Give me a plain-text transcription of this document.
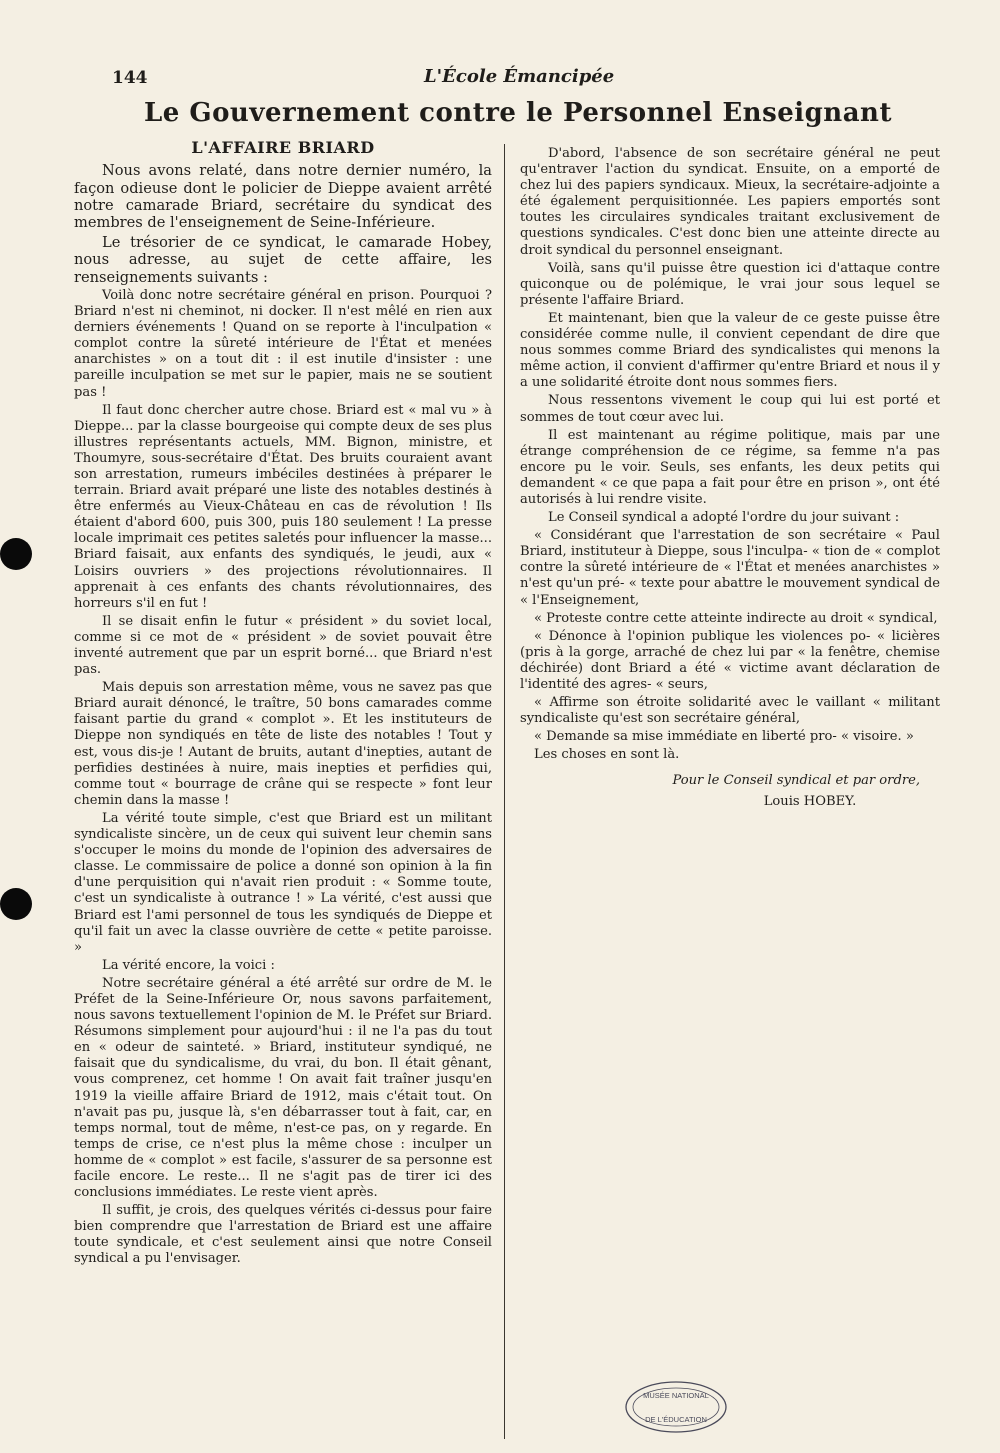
144	L'École Émancipée
Le Gouvernement contre le Personnel Enseignant
L'AFFAIRE BRIARD

Nous avons relaté, dans notre dernier numéro, la façon odieuse dont le policier de Dieppe avaient arrêté notre camarade Briard, secrétaire du syndicat des membres de l'enseignement de Seine-Inférieure.

Le trésorier de ce syndicat, le camarade Hobey, nous adresse, au sujet de cette affaire, les renseignements suivants :

Voilà donc notre secrétaire général en prison. Pourquoi ? Briard n'est ni cheminot, ni docker. Il n'est mêlé en rien aux derniers événements ! Quand on se reporte à l'inculpation « complot contre la sûreté intérieure de l'État et menées anarchistes » on a tout dit : il est inutile d'insister : une pareille inculpation se met sur le papier, mais ne se soutient pas !

Il faut donc chercher autre chose. Briard est « mal vu » à Dieppe... par la classe bourgeoise qui compte deux de ses plus illustres représentants actuels, MM. Bignon, ministre, et Thoumyre, sous-secrétaire d'État. Des bruits couraient avant son arrestation, rumeurs imbéciles destinées à préparer le terrain. Briard avait préparé une liste des notables destinés à être enfermés au Vieux-Château en cas de révolution ! Ils étaient d'abord 600, puis 300, puis 180 seulement ! La presse locale imprimait ces petites saletés pour influencer la masse... Briard faisait, aux enfants des syndiqués, le jeudi, aux « Loisirs ouvriers » des projections révolutionnaires. Il apprenait à ces enfants des chants révolutionnaires, des horreurs s'il en fut !

Il se disait enfin le futur « président » du soviet local, comme si ce mot de « président » de soviet pouvait être inventé autrement que par un esprit borné... que Briard n'est pas.

Mais depuis son arrestation même, vous ne savez pas que Briard aurait dénoncé, le traître, 50 bons camarades comme faisant partie du grand « complot ». Et les instituteurs de Dieppe non syndiqués en tête de liste des notables ! Tout y est, vous dis-je ! Autant de bruits, autant d'inepties, autant de perfidies destinées à nuire, mais inepties et perfidies qui, comme tout « bourrage de crâne qui se respecte » font leur chemin dans la masse !

La vérité toute simple, c'est que Briard est un militant syndicaliste sincère, un de ceux qui suivent leur chemin sans s'occuper le moins du monde de l'opinion des adversaires de classe. Le commissaire de police a donné son opinion à la fin d'une perquisition qui n'avait rien produit : « Somme toute, c'est un syndicaliste à outrance ! » La vérité, c'est aussi que Briard est l'ami personnel de tous les syndiqués de Dieppe et qu'il fait un avec la classe ouvrière de cette « petite paroisse. »

La vérité encore, la voici :

Notre secrétaire général a été arrêté sur ordre de M. le Préfet de la Seine-Inférieure Or, nous savons parfaitement, nous savons textuellement l'opinion de M. le Préfet sur Briard. Résumons simplement pour aujourd'hui : il ne l'a pas du tout en « odeur de sainteté. » Briard, instituteur syndiqué, ne faisait que du syndicalisme, du vrai, du bon. Il était gênant, vous comprenez, cet homme ! On avait fait traîner jusqu'en 1919 la vieille affaire Briard de 1912, mais c'était tout. On n'avait pas pu, jusque là, s'en débarrasser tout à fait, car, en temps normal, tout de même, n'est-ce pas, on y regarde. En temps de crise, ce n'est plus la même chose : inculper un homme de « complot » est facile, s'assurer de sa personne est facile encore. Le reste... Il ne s'agit pas de tirer ici des conclusions immédiates. Le reste vient après.

Il suffit, je crois, des quelques vérités ci-dessus pour faire bien comprendre que l'arrestation de Briard est une affaire toute syndicale, et c'est seulement ainsi que notre Conseil syndical a pu l'envisager.

D'abord, l'absence de son secrétaire général ne peut qu'entraver l'action du syndicat. Ensuite, on a emporté de chez lui des papiers syndicaux. Mieux, la secrétaire-adjointe a été également perquisitionnée. Les papiers emportés sont toutes les circulaires syndicales traitant exclusivement de questions syndicales. C'est donc bien une atteinte directe au droit syndical du personnel enseignant.

Voilà, sans qu'il puisse être question ici d'attaque contre quiconque ou de polémique, le vrai jour sous lequel se présente l'affaire Briard.

Et maintenant, bien que la valeur de ce geste puisse être considérée comme nulle, il convient cependant de dire que nous sommes comme Briard des syndicalistes qui menons la même action, il convient d'affirmer qu'entre Briard et nous il y a une solidarité étroite dont nous sommes fiers.

Nous ressentons vivement le coup qui lui est porté et sommes de tout cœur avec lui.

Il est maintenant au régime politique, mais par une étrange compréhension de ce régime, sa femme n'a pas encore pu le voir. Seuls, ses enfants, les deux petits qui demandent « ce que papa a fait pour être en prison », ont été autorisés à lui rendre visite.

Le Conseil syndical a adopté l'ordre du jour suivant :

« Considérant que l'arrestation de son secrétaire « Paul Briard, instituteur à Dieppe, sous l'inculpa- « tion de « complot contre la sûreté intérieure de « l'État et menées anarchistes » n'est qu'un pré- « texte pour abattre le mouvement syndical de « l'Enseignement,

« Proteste contre cette atteinte indirecte au droit « syndical,

« Dénonce à l'opinion publique les violences po- « licières (pris à la gorge, arraché de chez lui par « la fenêtre, chemise déchirée) dont Briard a été « victime avant déclaration de l'identité des agres- « seurs,

« Affirme son étroite solidarité avec le vaillant « militant syndicaliste qu'est son secrétaire général,

« Demande sa mise immédiate en liberté pro- « visoire. »

Les choses en sont là.

Pour le Conseil syndical et par ordre,
Louis HOBEY.
MUSÉE NATIONAL
DE L'ÉDUCATION
